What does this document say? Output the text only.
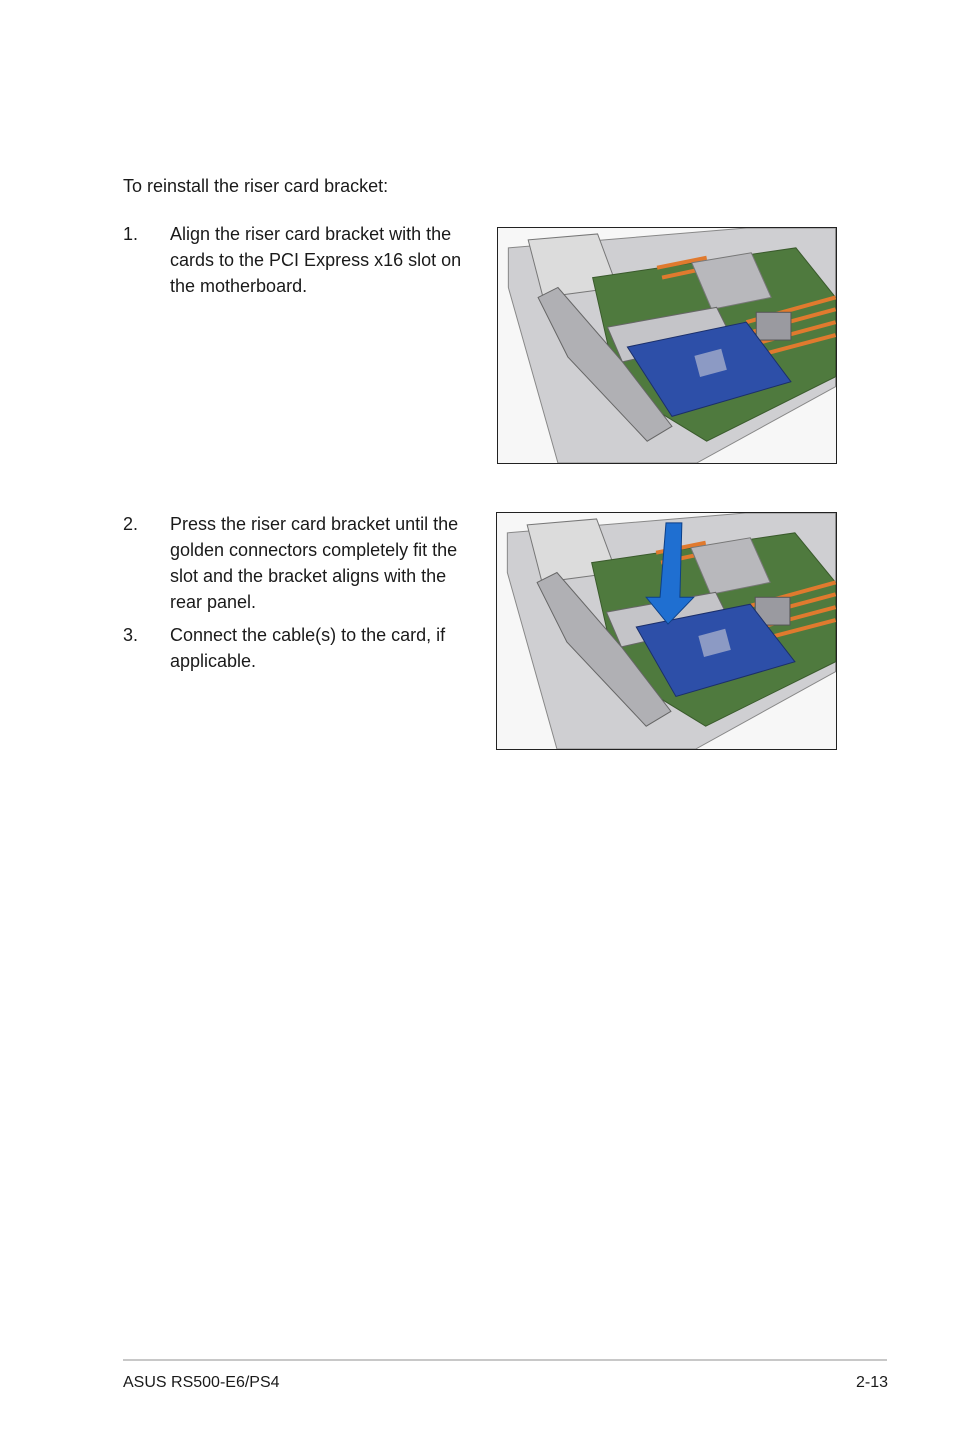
To reinstall the riser card bracket:
1.	Align the riser card bracket with the cards to the PCI Express x16 slot on the motherboard.
2.	Press the riser card bracket until the golden connectors completely fit the slot and the bracket aligns with the rear panel.
3.	Connect the cable(s) to the card, if applicable.
ASUS RS500-E6/PS4	2-13
